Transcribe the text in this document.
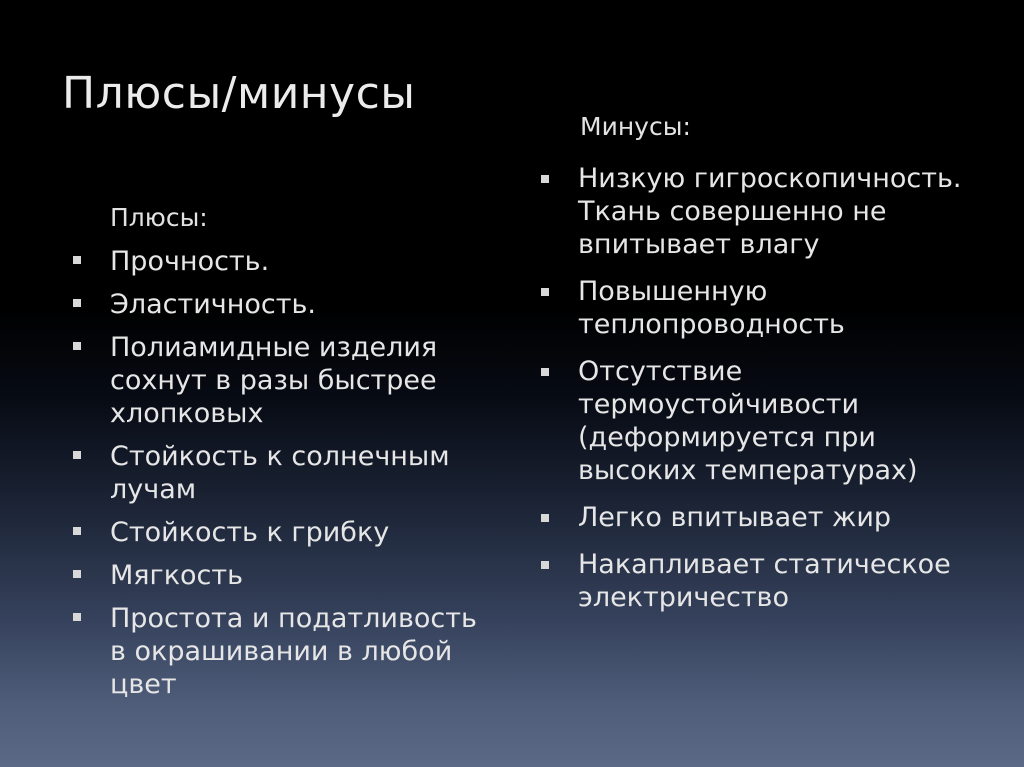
Плюсы/минусы
Плюсы:
Прочность.
Эластичность.
Полиамидные изделия сохнут в разы быстрее хлопковых
Стойкость к солнечным лучам
Стойкость к грибку
Мягкость
Простота и податливость в окрашивании в любой цвет
Минусы:
Низкую гигроскопичность. Ткань совершенно не впитывает влагу
Повышенную теплопроводность
Отсутствие термоустойчивости (деформируется при высоких температурах)
Легко впитывает жир
Накапливает статическое электричество
